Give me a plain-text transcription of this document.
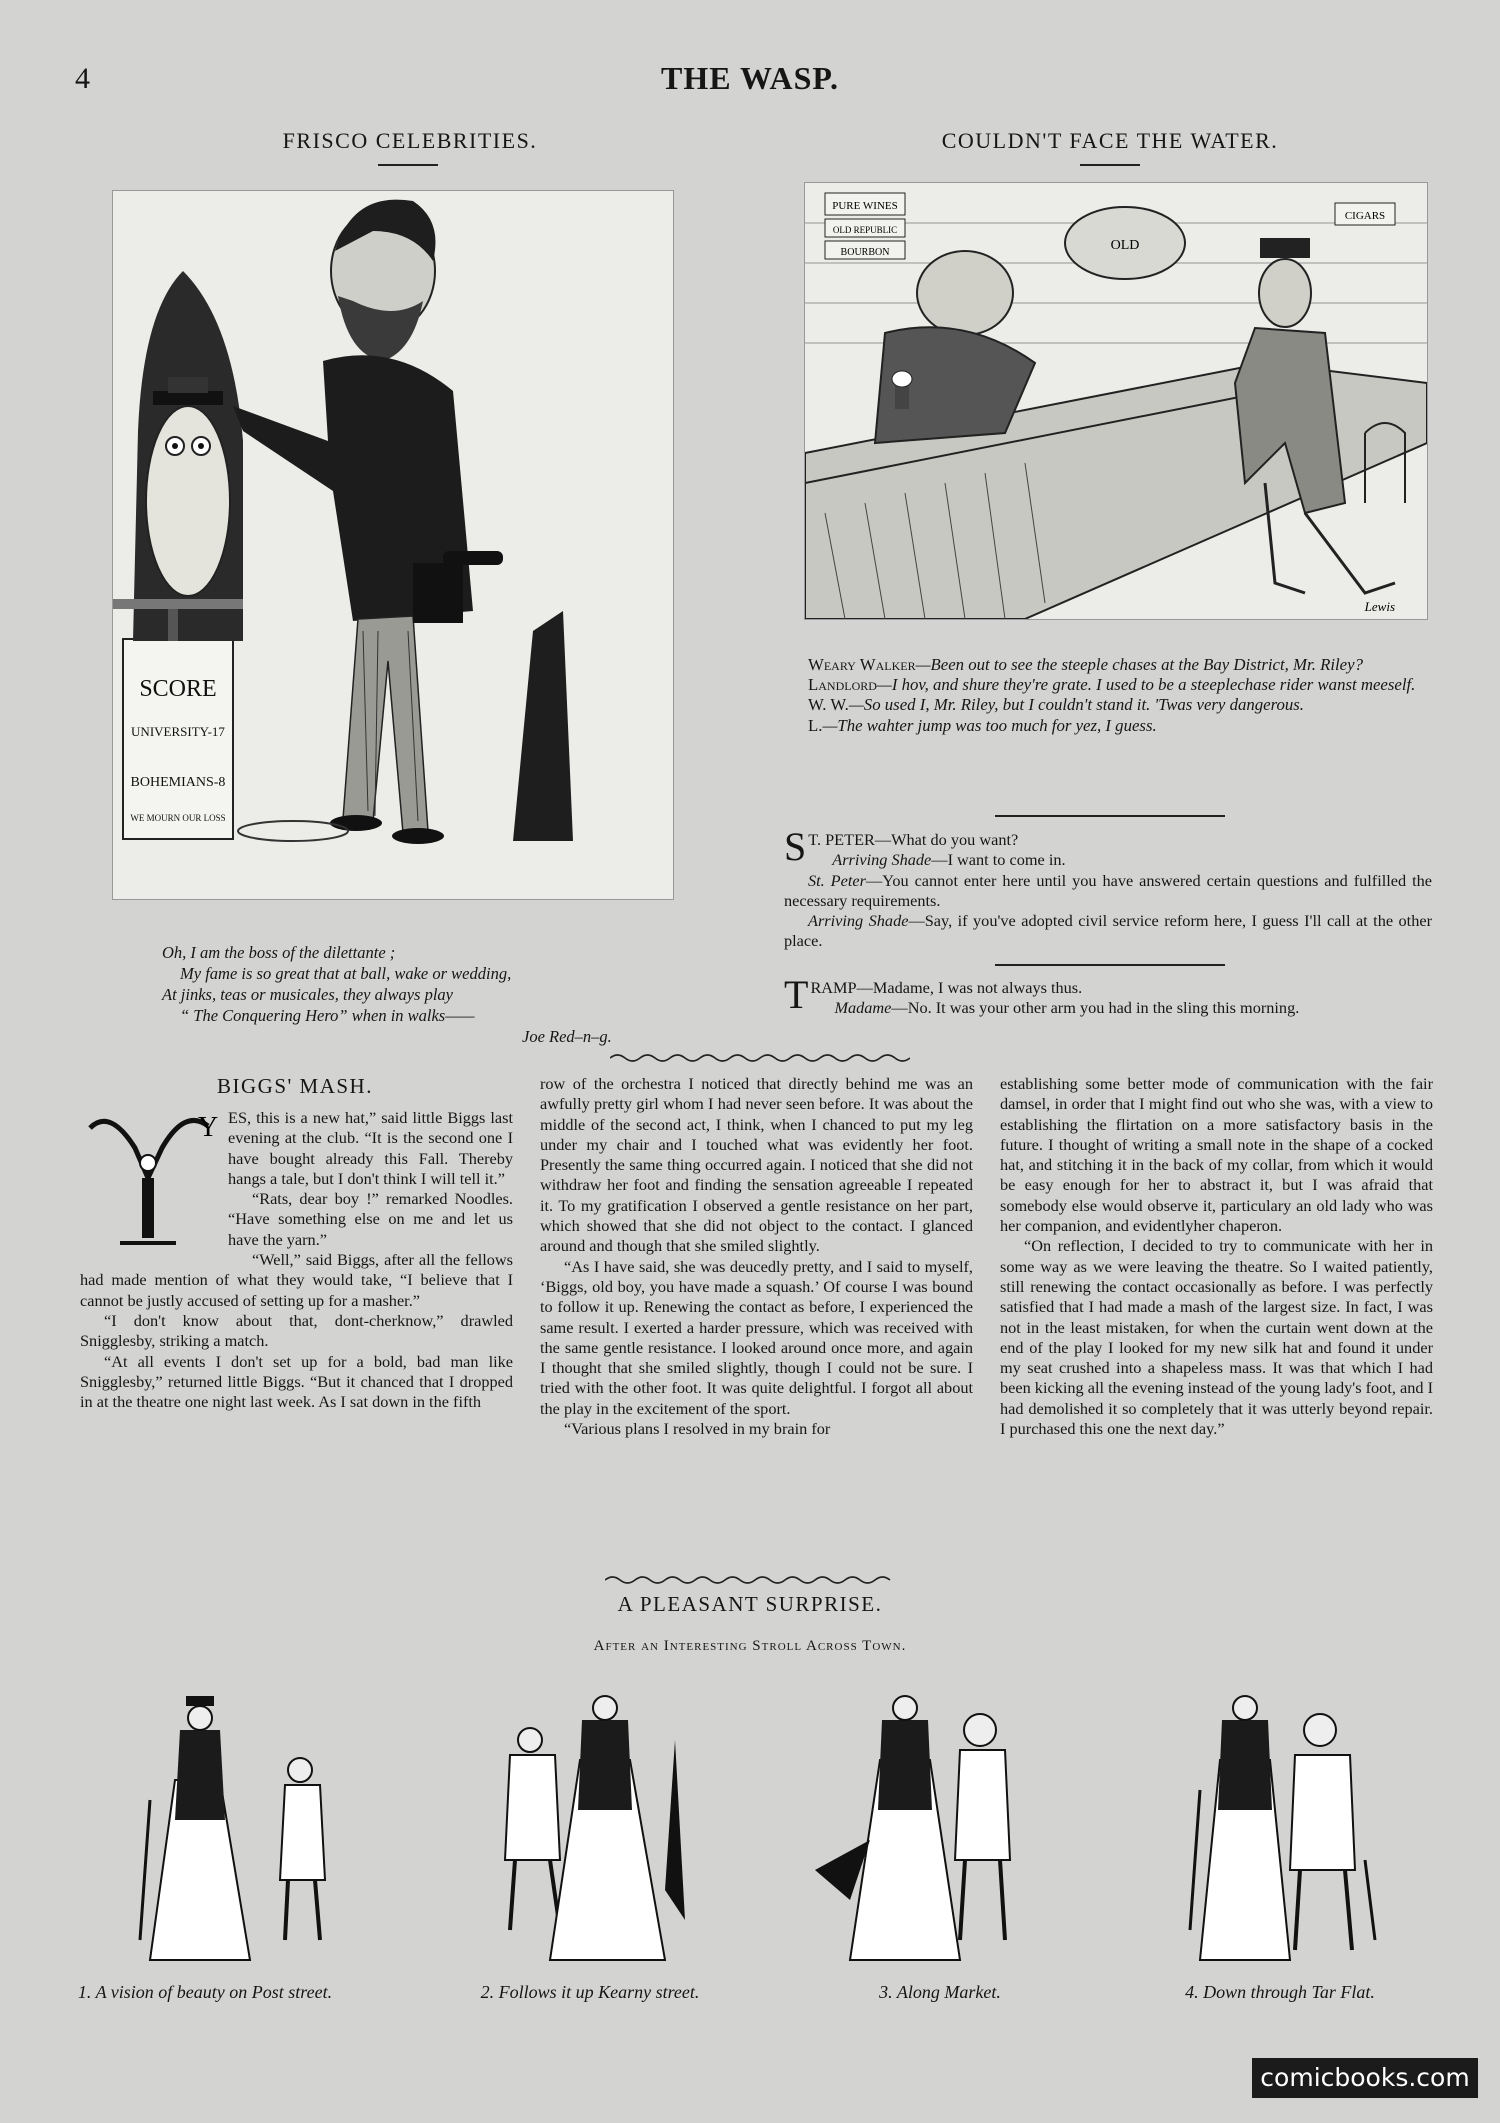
4	THE WASP.
FRISCO CELEBRITIES.
SCORE
UNIVERSITY-17
BOHEMIANS-8
WE MOURN OUR LOSS
Oh, I am the boss of the dilettante ;
My fame is so great that at ball, wake or wedding,
At jinks, teas or musicales, they always play
“ The Conquering Hero” when in walks——
Joe Red–n–g.
COULDN'T FACE THE WATER.
PURE WINES
OLD REPUBLIC
BOURBON	OLD
CIGARS
Lewis

Weary Walker—Been out to see the steeple chases at the Bay District, Mr. Riley?

Landlord—I hov, and shure they're grate. I used to be a steeplechase rider wanst meeself.

W. W.—So used I, Mr. Riley, but I couldn't stand it. 'Twas very dangerous.

L.—The wahter jump was too much for yez, I guess.

S T. PETER—What do you want?

Arriving Shade—I want to come in.

St. Peter—You cannot enter here until you have answered certain questions and fulfilled the necessary requirements.

Arriving Shade—Say, if you've adopted civil service reform here, I guess I'll call at the other place.

T RAMP—Madame, I was not always thus.

Madame—No. It was your other arm you had in the sling this morning.

BIGGS' MASH.
Y ES, this is a new hat,” said little Biggs last evening at the club. “It is the second one I have bought already this Fall. Thereby hangs a tale, but I don't think I will tell it.”

“Rats, dear boy !” remarked Noodles. “Have something else on me and let us have the yarn.”

“Well,” said Biggs, after all the fellows had made mention of what they would take, “I believe that I cannot be justly accused of setting up for a masher.”

“I don't know about that, dont-cherknow,” drawled Snigglesby, striking a match.

“At all events I don't set up for a bold, bad man like Snigglesby,” returned little Biggs. “But it chanced that I dropped in at the theatre one night last week. As I sat down in the fifth

row of the orchestra I noticed that directly behind me was an awfully pretty girl whom I had never seen before. It was about the middle of the second act, I think, when I chanced to put my leg under my chair and I touched what was evidently her foot. Presently the same thing occurred again. I noticed that she did not withdraw her foot and finding the sensation agreeable I repeated it. To my gratification I observed a gentle resistance on her part, which showed that she did not object to the contact. I glanced around and though that she smiled slightly.

“As I have said, she was deucedly pretty, and I said to myself, ‘Biggs, old boy, you have made a squash.’ Of course I was bound to follow it up. Renewing the contact as before, I experienced the same result. I exerted a harder pressure, which was received with the same gentle resistance. I looked around once more, and again I thought that she smiled slightly, though I could not be sure. I tried with the other foot. It was quite delightful. I forgot all about the play in the excitement of the sport.

“Various plans I resolved in my brain for

establishing some better mode of communication with the fair damsel, in order that I might find out who she was, with a view to establishing the flirtation on a more satisfactory basis in the future. I thought of writing a small note in the shape of a cocked hat, and stitching it in the back of my collar, from which it would be easy enough for her to abstract it, but I was afraid that somebody else would observe it, particulary an old lady who was her companion, and evidentlyher chaperon.

“On reflection, I decided to try to communicate with her in some way as we were leaving the theatre. So I waited patiently, still renewing the contact occasionally as before. I was perfectly satisfied that I had made a mash of the largest size. In fact, I was not in the least mistaken, for when the curtain went down at the end of the play I looked for my new silk hat and found it under my seat crushed into a shapeless mass. It was that which I had been kicking all the evening instead of the young lady's foot, and I had demolished it so completely that it was utterly beyond repair. I purchased this one the next day.”

A PLEASANT SURPRISE.
After an Interesting Stroll Across Town.
1. A vision of beauty on Post street.	2. Follows it up Kearny street.	3. Along Market.	4. Down through Tar Flat.
comicbooks.com
